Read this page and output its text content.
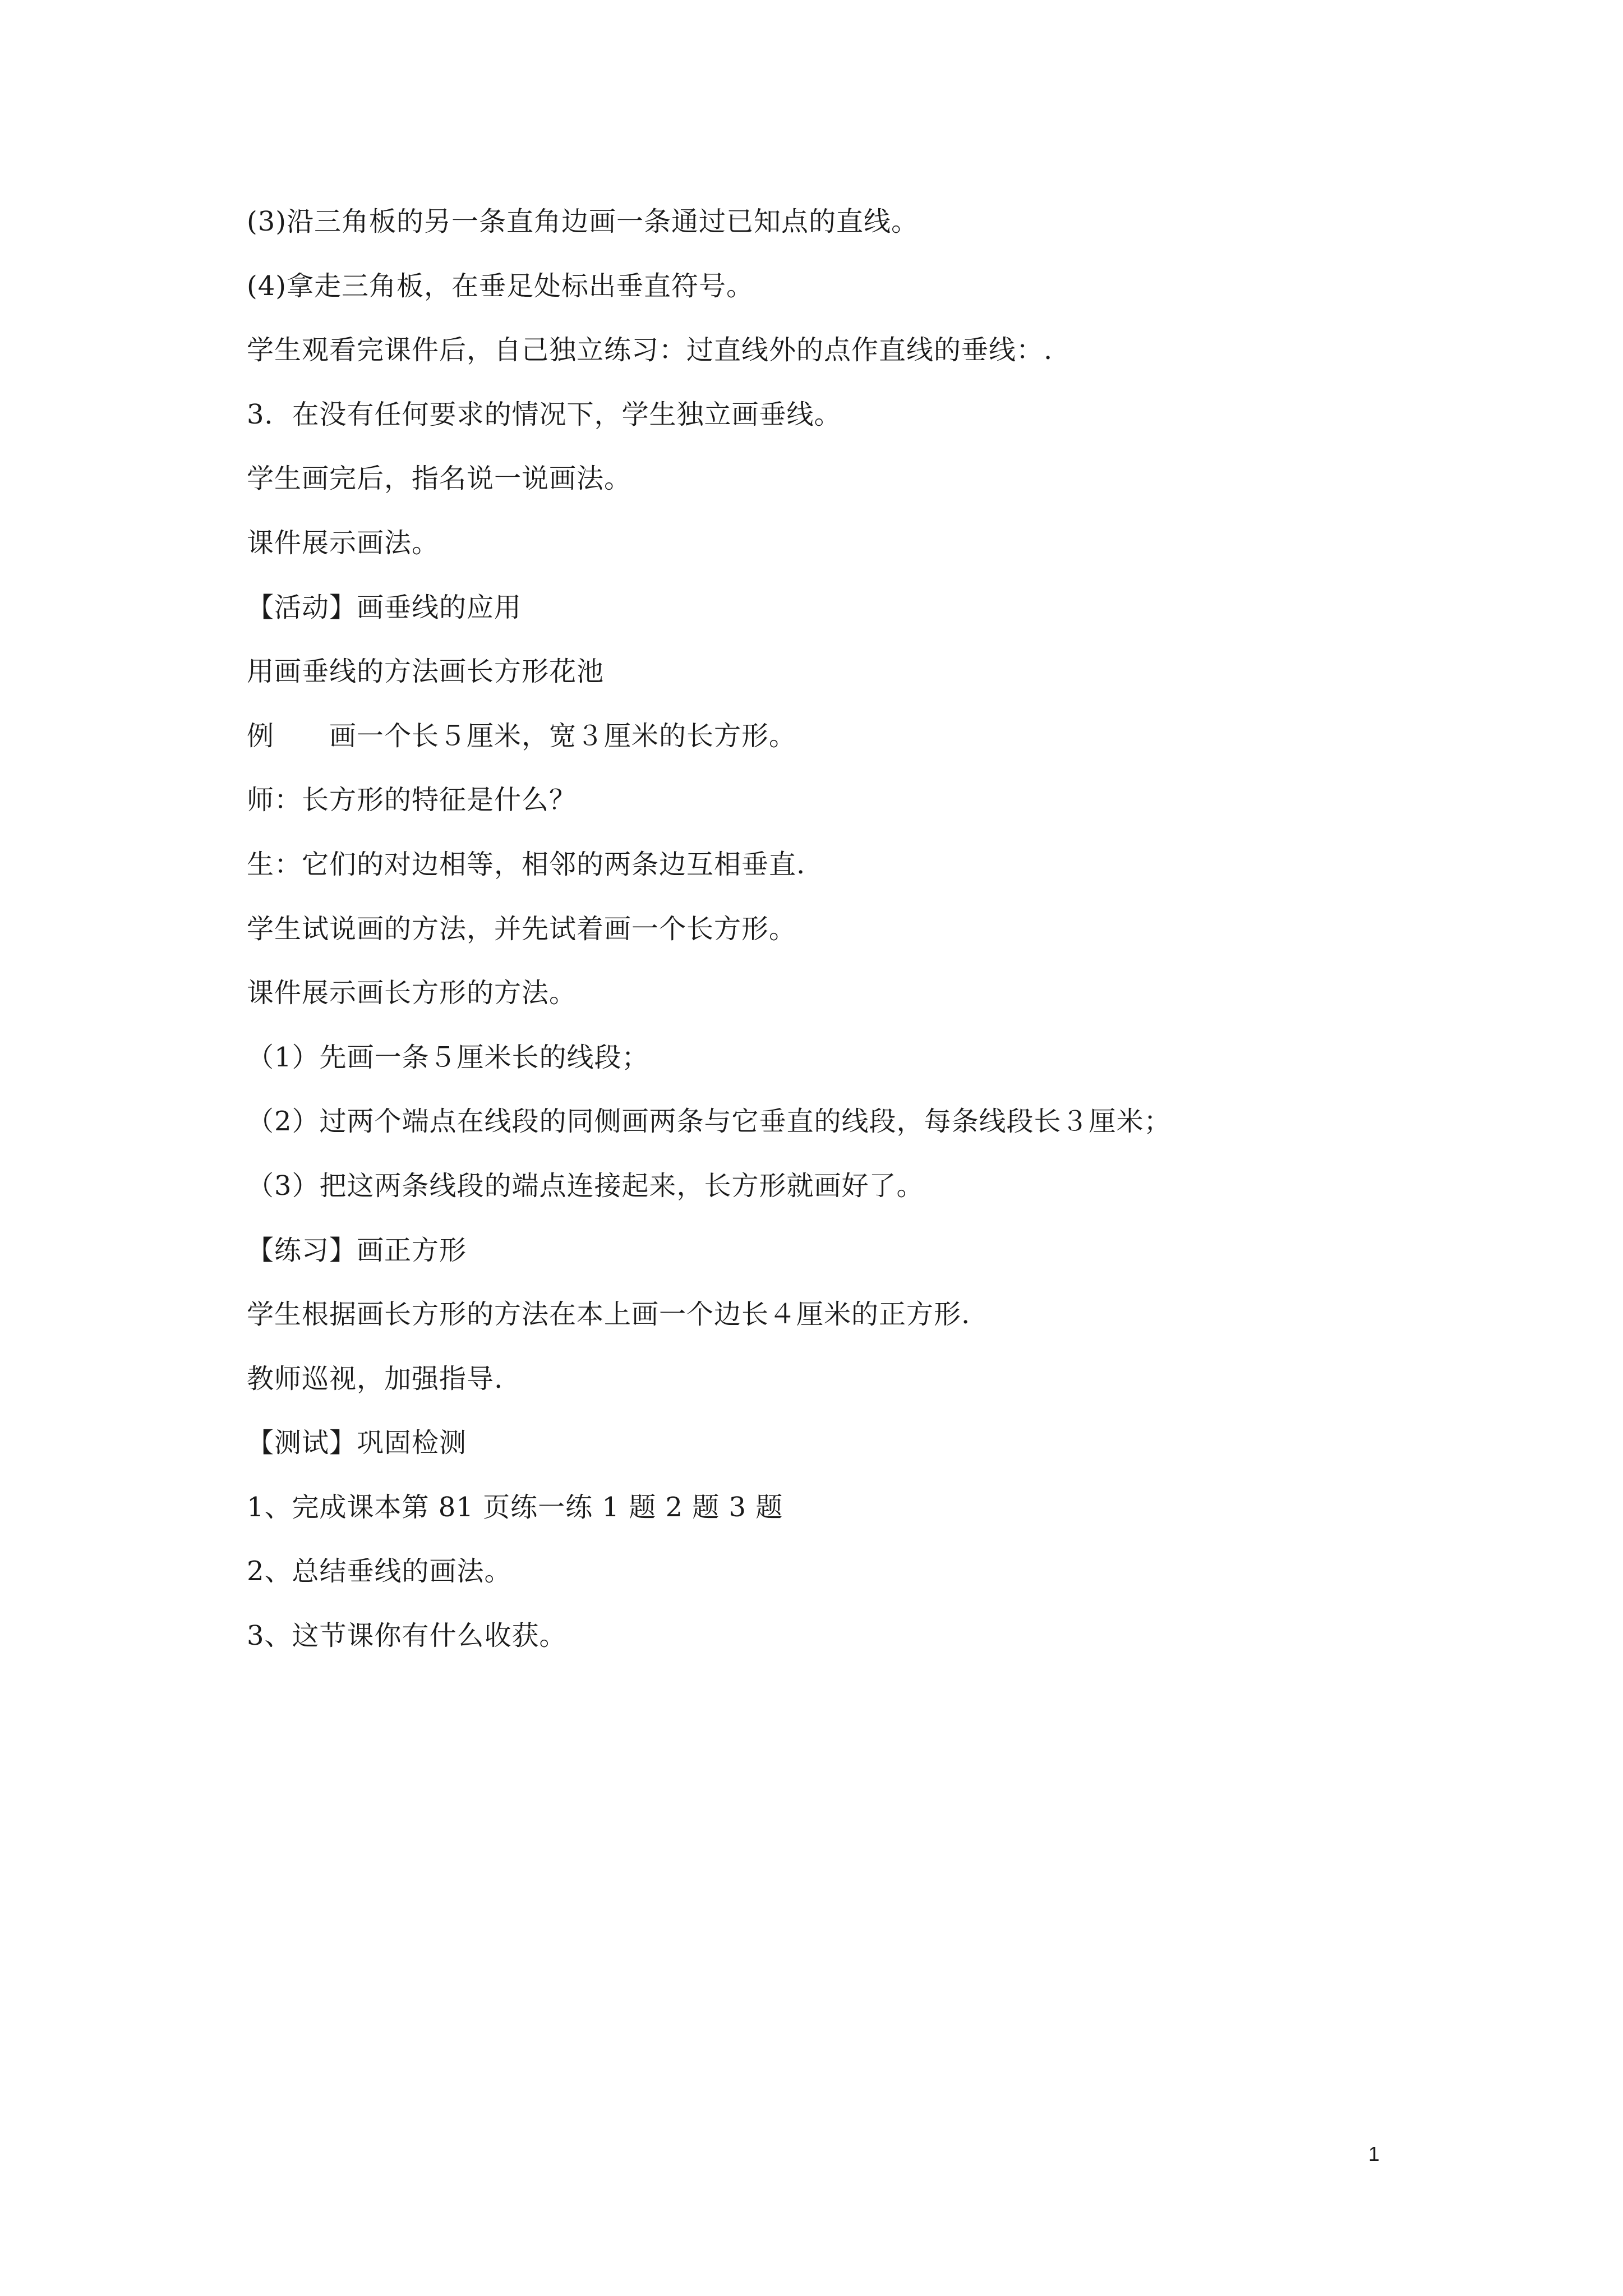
(3)沿三角板的另一条直角边画一条通过已知点的直线。

(4)拿走三角板，在垂足处标出垂直符号。

学生观看完课件后，自己独立练习：过直线外的点作直线的垂线：.

3．在没有任何要求的情况下，学生独立画垂线。

学生画完后，指名说一说画法。

课件展示画法。

【活动】画垂线的应用

用画垂线的方法画长方形花池

例　　画一个长５厘米，宽３厘米的长方形。

师：长方形的特征是什么？

生：它们的对边相等，相邻的两条边互相垂直.

学生试说画的方法，并先试着画一个长方形。

课件展示画长方形的方法。

（1）先画一条５厘米长的线段；

（2）过两个端点在线段的同侧画两条与它垂直的线段，每条线段长３厘米；

（3）把这两条线段的端点连接起来，长方形就画好了。

【练习】画正方形

学生根据画长方形的方法在本上画一个边长４厘米的正方形.

教师巡视，加强指导.

【测试】巩固检测

1、完成课本第 81 页练一练 1 题 2 题 3 题

2、总结垂线的画法。

3、这节课你有什么收获。

1
